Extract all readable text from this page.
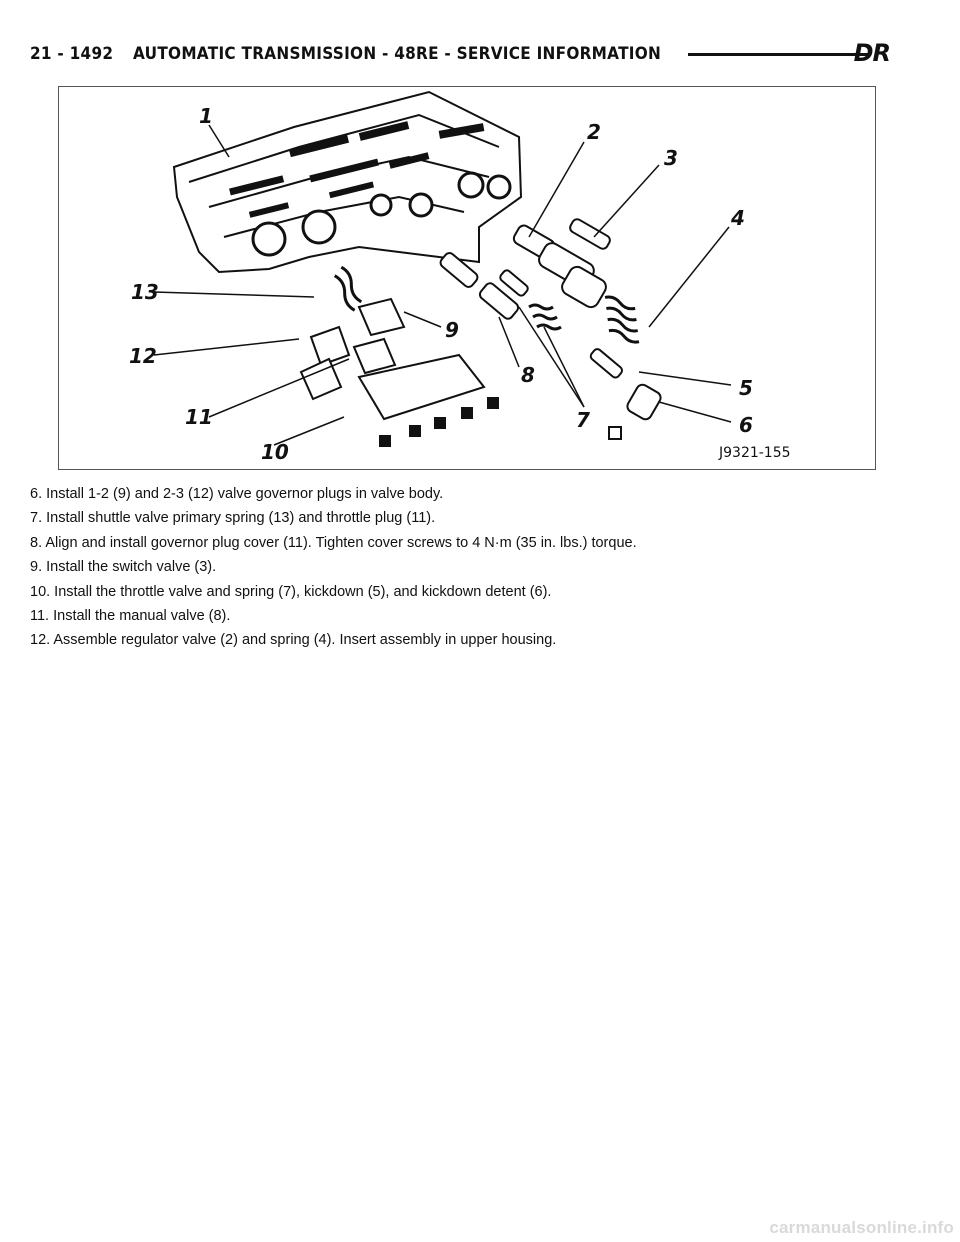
21 - 1492 AUTOMATIC TRANSMISSION - 48RE - SERVICE INFORMATION	DR
1
2
3
4
5
6
7
8
9
10
11
12
13
J9321-155
6. Install 1-2 (9) and 2-3 (12) valve governor plugs in valve body.
7. Install shuttle valve primary spring (13) and throttle plug (11).
8. Align and install governor plug cover (11). Tighten cover screws to 4 N·m (35 in. lbs.) torque.
9. Install the switch valve (3).
10. Install the throttle valve and spring (7), kickdown (5), and kickdown detent (6).
11. Install the manual valve (8).
12. Assemble regulator valve (2) and spring (4). Insert assembly in upper housing.
carmanualsonline.info
